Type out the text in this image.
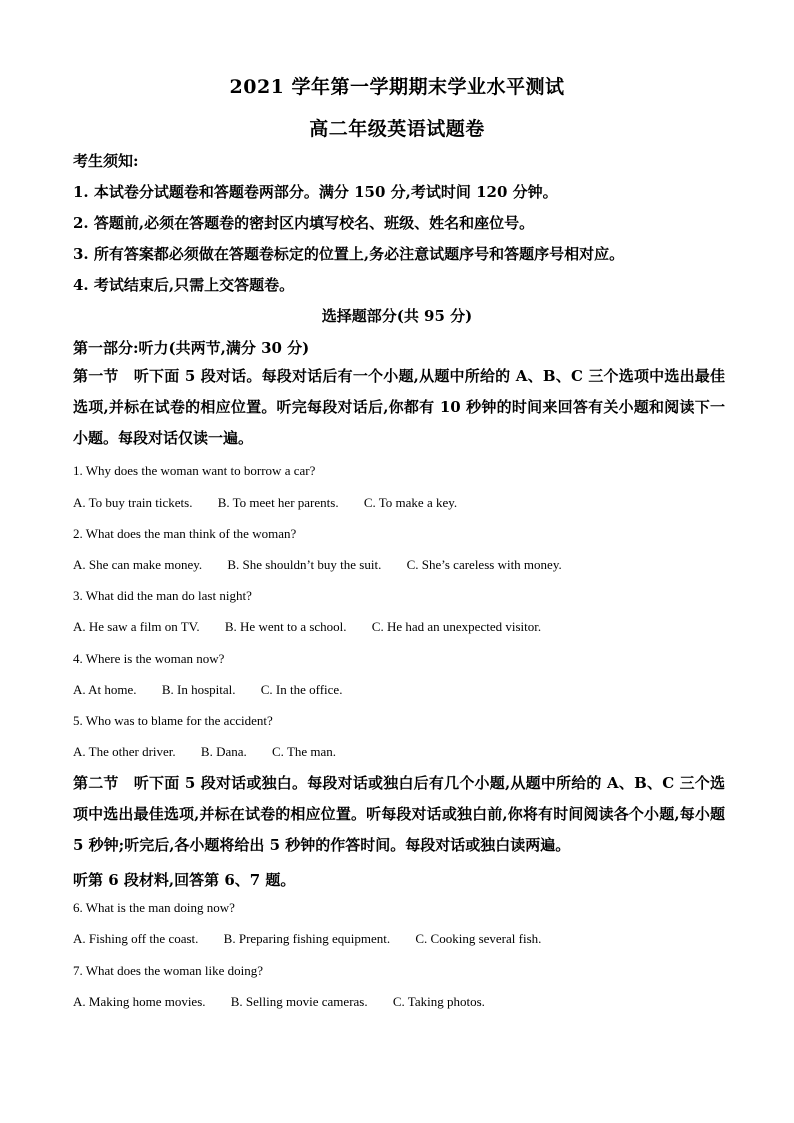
2021 学年第一学期期末学业水平测试
高二年级英语试题卷
考生须知:
1. 本试卷分试题卷和答题卷两部分。满分 150 分,考试时间 120 分钟。
2. 答题前,必须在答题卷的密封区内填写校名、班级、姓名和座位号。
3. 所有答案都必须做在答题卷标定的位置上,务必注意试题序号和答题序号相对应。
4. 考试结束后,只需上交答题卷。
选择题部分(共 95 分)
第一部分:听力(共两节,满分 30 分)
第一节　听下面 5 段对话。每段对话后有一个小题,从题中所给的 A、B、C 三个选项中选出最佳选项,并标在试卷的相应位置。听完每段对话后,你都有 10 秒钟的时间来回答有关小题和阅读下一小题。每段对话仅读一遍。
1. Why does the woman want to borrow a car?
A. To buy train tickets. B. To meet her parents. C. To make a key.
2. What does the man think of the woman?
A. She can make money. B. She shouldn’t buy the suit. C. She’s careless with money.
3. What did the man do last night?
A. He saw a film on TV. B. He went to a school. C. He had an unexpected visitor.
4. Where is the woman now?
A. At home. B. In hospital. C. In the office.
5. Who was to blame for the accident?
A. The other driver. B. Dana. C. The man.
第二节　听下面 5 段对话或独白。每段对话或独白后有几个小题,从题中所给的 A、B、C 三个选项中选出最佳选项,并标在试卷的相应位置。听每段对话或独白前,你将有时间阅读各个小题,每小题 5 秒钟;听完后,各小题将给出 5 秒钟的作答时间。每段对话或独白读两遍。
听第 6 段材料,回答第 6、7 题。
6. What is the man doing now?
A. Fishing off the coast. B. Preparing fishing equipment. C. Cooking several fish.
7. What does the woman like doing?
A. Making home movies. B. Selling movie cameras. C. Taking photos.
